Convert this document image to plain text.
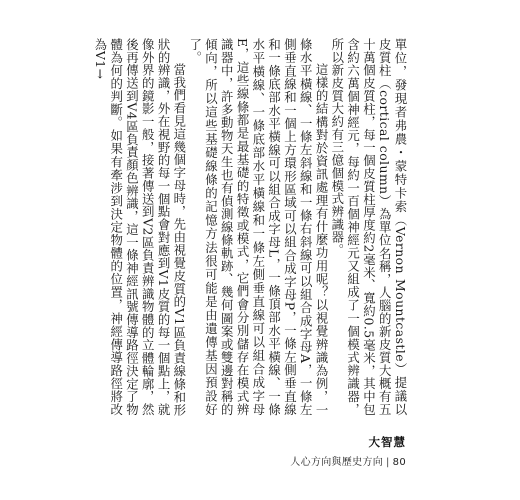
單位，發現者弗農・蒙特卡索（Vernon Mountcastle）提議以皮質柱（cortical column）為單位名稱，人腦的新皮質大概有五十萬個皮質柱，每一個皮質柱厚度約2毫米、寬約0.5毫米，其中包含約六萬個神經元，每約一百個神經元又組成了一個模式辨識器，所以新皮質大約有三億個模式辨識器。

這樣的結構對於資訊處理有什麼功用呢？以視覺辨識為例，一條水平橫線、一條左斜線和一條右斜線可以組合成字母A，一條左側垂直線和一個上方環形區域可以組合成字母P，一條左側垂直線和一條底部水平橫線可以組合成字母L，一條頂部水平橫線、一條水平橫線、一條底部水平橫線和一條左側垂直線可以組合成字母E，這些線條都是最基礎的特徵或模式，它們會分別儲存在模式辨識器中，許多動物天生也有偵測線條軌跡、幾何圖案或雙邊對稱的傾向，所以這些基礎線條的記憶方法很可能是由遺傳基因預設好了。

當我們看見這幾個字母時，先由視覺皮質的V1區負責線條和形狀的辨識，外在視野的每一個點會對應到V1皮質的每一個點上，就像外界的鏡影一般，接著傳送到V2區負責辨識物體的立體輪廓，然後再傳送到V4區負責顏色辨識，這一條神經訊號傳導路徑決定了物體為何的判斷。如果有牽涉到決定物體的位置，神經傳導路徑將改為V1→

大智慧
人心方向與歷史方向 | 80
